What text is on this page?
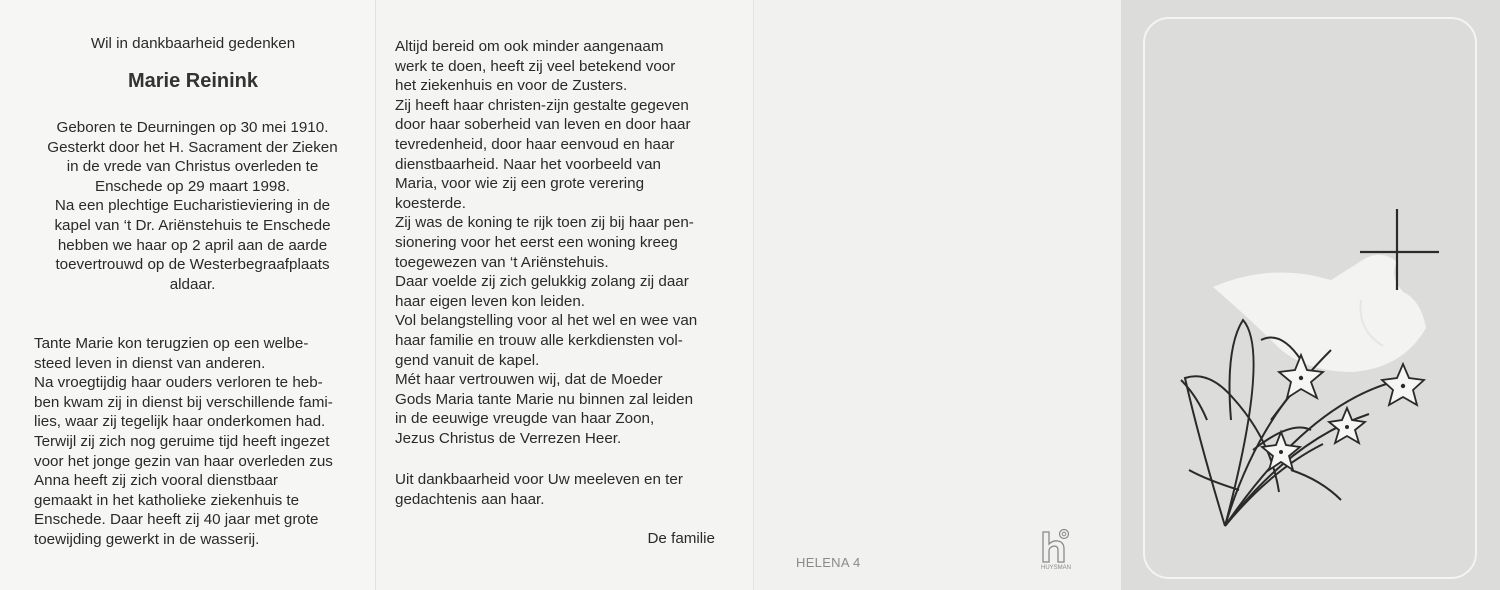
Wil in dankbaarheid gedenken
Marie Reinink
Geboren te Deurningen op 30 mei 1910.
Gesterkt door het H. Sacrament der Zieken
in de vrede van Christus overleden te
Enschede op 29 maart 1998.
Na een plechtige Eucharistieviering in de
kapel van ‘t Dr. Ariënstehuis te Enschede
hebben we haar op 2 april aan de aarde
toevertrouwd op de Westerbegraafplaats
aldaar.
Tante Marie kon terugzien op een welbe-
steed leven in dienst van anderen.
Na vroegtijdig haar ouders verloren te heb-
ben kwam zij in dienst bij verschillende fami-
lies, waar zij tegelijk haar onderkomen had.
Terwijl zij zich nog geruime tijd heeft ingezet
voor het jonge gezin van haar overleden zus
Anna heeft zij zich vooral dienstbaar
gemaakt in het katholieke ziekenhuis te
Enschede. Daar heeft zij 40 jaar met grote
toewijding gewerkt in de wasserij.
Altijd bereid om ook minder aangenaam
werk te doen, heeft zij veel betekend voor
het ziekenhuis en voor de Zusters.
Zij heeft haar christen-zijn gestalte gegeven
door haar soberheid van leven en door haar
tevredenheid, door haar eenvoud en haar
dienstbaarheid. Naar het voorbeeld van
Maria, voor wie zij een grote verering
koesterde.
Zij was de koning te rijk toen zij bij haar pen-
sionering voor het eerst een woning kreeg
toegewezen van ‘t Ariënstehuis.
Daar voelde zij zich gelukkig zolang zij daar
haar eigen leven kon leiden.
Vol belangstelling voor al het wel en wee van
haar familie en trouw alle kerkdiensten vol-
gend vanuit de kapel.
Mét haar vertrouwen wij, dat de Moeder
Gods Maria tante Marie nu binnen zal leiden
in de eeuwige vreugde van haar Zoon,
Jezus Christus de Verrezen Heer.
Uit dankbaarheid voor Uw meeleven en ter
gedachtenis aan haar.
De familie
HELENA 4	HUYSMAN
